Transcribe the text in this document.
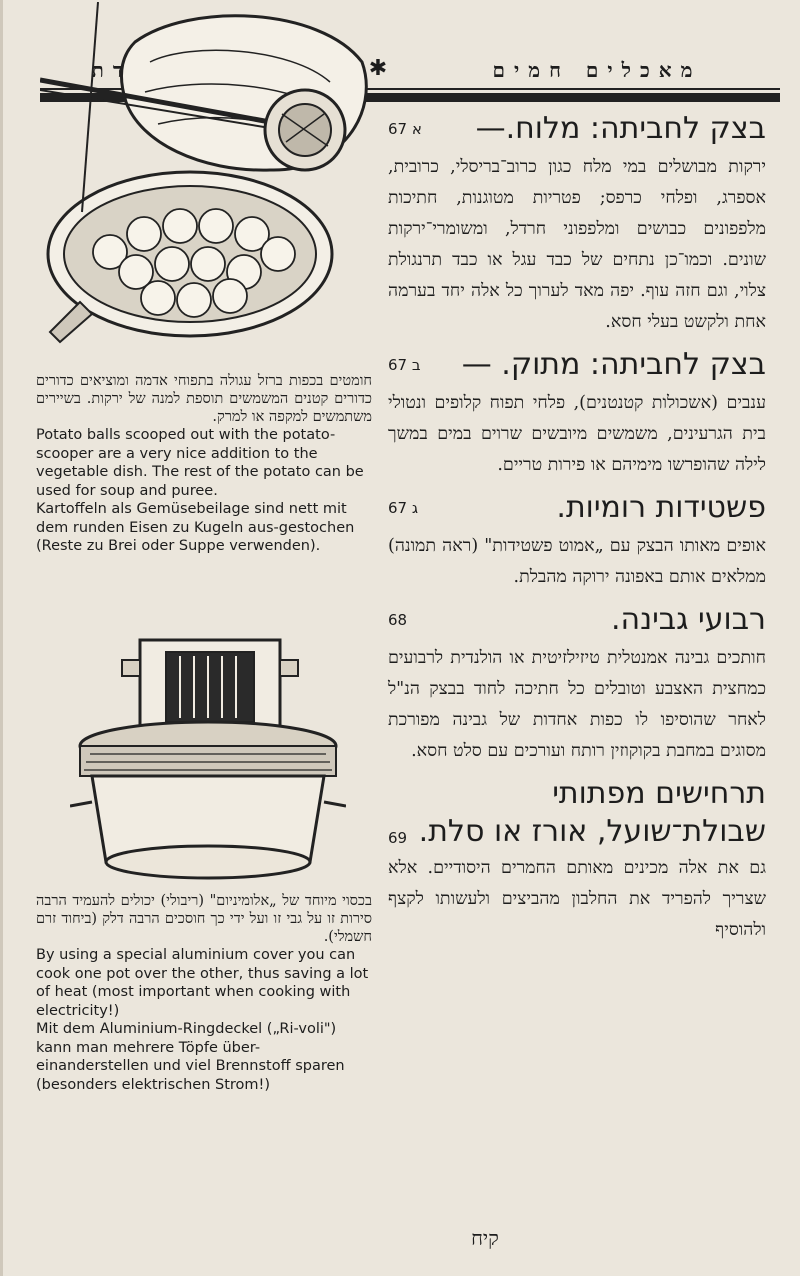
✱	מאכלים חמים
בצק לחביתה: מלוח.—
67 א

ירקות מבושלים במי מלח כגון כרוב־בריסלי, כרובית, אספרג, ופלחי כרפס; פטריות מטוגנות, חתיכות מלפפונים כבושים ומלפפוני חרדל, ומשומרי־ירקות שונים. וכמו־כן נתחים של כבד עגל או כבד תרנגולת צלוי, וגם חזה עוף. יפה מאד לערוך כל אלה יחד בערמה אחת ולקשט בעלי חסא.

בצק לחביתה: מתוק. —
67 ב

ענבים (אשכולות קטנטנים), פלחי תפוח קלופים ונטולי בית הגרעינים, משמשים מיובשים שרוים במים במשך לילה שהופרשו מימיהם או פירות טריים.

פשטידות רומיות.
67 ג

אופים מאותו הבצק עם „אמוט פשטידות" (ראה תמונה) ממלאים אותם באפונה ירוקה מהבלת.

רבועי גבינה.
68

חותכים גבינה אמנטלית טיזילזיטית או הולנדית לרבועים כמחצית האצבע וטובלים כל חתיכה לחוד בבצק הנ"ל לאחר שהוסיפו לו כפות אחדות של גבינה מפורכת מסוגים במחבת בקוקוזין רותח ועורכים עם סלט חסא.

תרחישים מפתותי שבולת־שועל, אורז או סלת.
69

גם את אלה מכינים מאותם החמרים היסודיים. אלא שצריך להפריד את החלבון מהביצים ולעשותו לקצף ולהוסיף

חומטים בכפות ברזל עגולה בתפוחי אדמה ומוציאים כדורים כדורים קטנים המשמשים תוספת למנה של ירקות. בשיירים משתמשים למקפה או למרק.
Potato balls scooped out with the potato-scooper are a very nice addition to the vegetable dish. The rest of the potato can be used for soup and puree.
Kartoffeln als Gemüsebeilage sind nett mit dem runden Eisen zu Kugeln aus-gestochen (Reste zu Brei oder Suppe verwenden).
בכסוי מיוחד של „אלומיניום" (ריבולי) יכולים להעמיד הרבה סירות זו על גבי זו ועל ידי כך חוסכים הרבה דלק (ביחוד זרם חשמלי).
By using a special aluminium cover you can cook one pot over the other, thus saving a lot of heat (most important when cooking with electricity!)
Mit dem Aluminium-Ringdeckel („Ri-voli") kann man mehrere Töpfe über-einanderstellen und viel Brennstoff sparen (besonders elektrischen Strom!)
קיח
